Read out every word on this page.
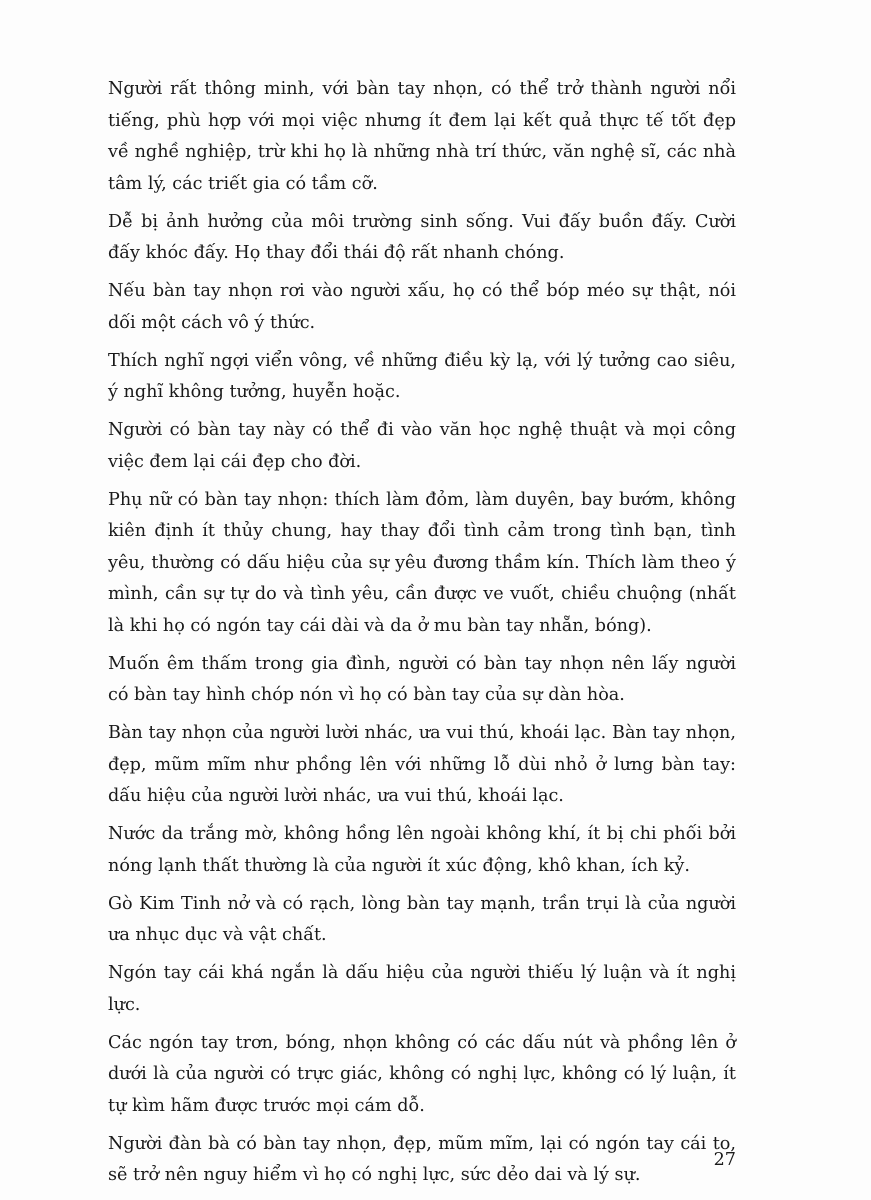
Người rất thông minh, với bàn tay nhọn, có thể trở thành người nổi tiếng, phù hợp với mọi việc nhưng ít đem lại kết quả thực tế tốt đẹp về nghề nghiệp, trừ khi họ là những nhà trí thức, văn nghệ sĩ, các nhà tâm lý, các triết gia có tầm cỡ.

Dễ bị ảnh hưởng của môi trường sinh sống. Vui đấy buồn đấy. Cười đấy khóc đấy. Họ thay đổi thái độ rất nhanh chóng.

Nếu bàn tay nhọn rơi vào người xấu, họ có thể bóp méo sự thật, nói dối một cách vô ý thức.

Thích nghĩ ngợi viển vông, về những điều kỳ lạ, với lý tưởng cao siêu, ý nghĩ không tưởng, huyễn hoặc.

Người có bàn tay này có thể đi vào văn học nghệ thuật và mọi công việc đem lại cái đẹp cho đời.

Phụ nữ có bàn tay nhọn: thích làm đỏm, làm duyên, bay bướm, không kiên định ít thủy chung, hay thay đổi tình cảm trong tình bạn, tình yêu, thường có dấu hiệu của sự yêu đương thầm kín. Thích làm theo ý mình, cần sự tự do và tình yêu, cần được ve vuốt, chiều chuộng (nhất là khi họ có ngón tay cái dài và da ở mu bàn tay nhẵn, bóng).

Muốn êm thấm trong gia đình, người có bàn tay nhọn nên lấy người có bàn tay hình chóp nón vì họ có bàn tay của sự dàn hòa.

Bàn tay nhọn của người lười nhác, ưa vui thú, khoái lạc. Bàn tay nhọn, đẹp, mũm mĩm như phồng lên với những lỗ dùi nhỏ ở lưng bàn tay: dấu hiệu của người lười nhác, ưa vui thú, khoái lạc.

Nước da trắng mờ, không hồng lên ngoài không khí, ít bị chi phối bởi nóng lạnh thất thường là của người ít xúc động, khô khan, ích kỷ.

Gò Kim Tinh nở và có rạch, lòng bàn tay mạnh, trần trụi là của người ưa nhục dục và vật chất.

Ngón tay cái khá ngắn là dấu hiệu của người thiếu lý luận và ít nghị lực.

Các ngón tay trơn, bóng, nhọn không có các dấu nút và phồng lên ở dưới là của người có trực giác, không có nghị lực, không có lý luận, ít tự kìm hãm được trước mọi cám dỗ.

Người đàn bà có bàn tay nhọn, đẹp, mũm mĩm, lại có ngón tay cái to, sẽ trở nên nguy hiểm vì họ có nghị lực, sức dẻo dai và lý sự.

27
